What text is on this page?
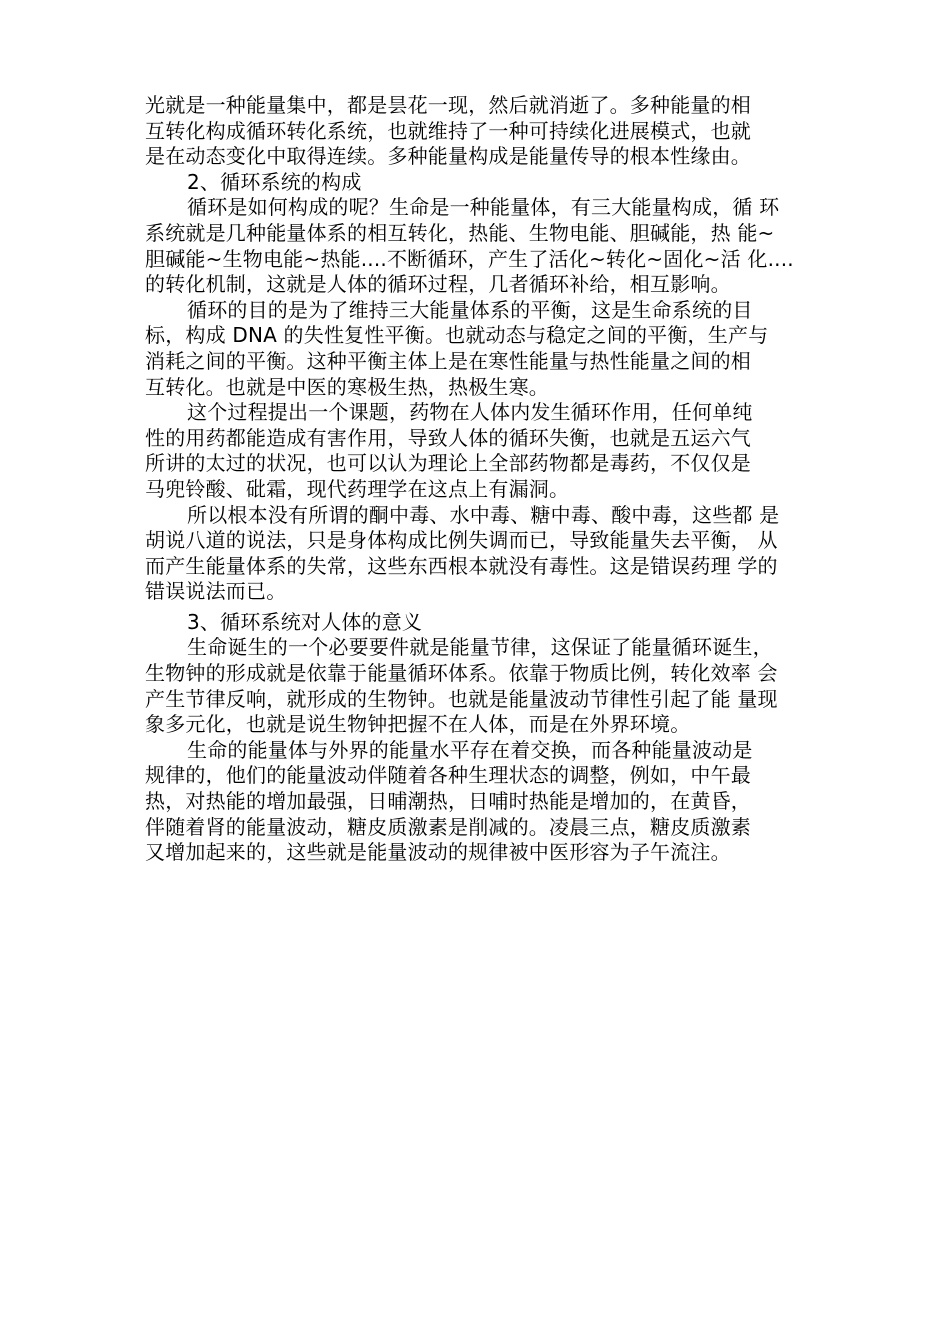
光就是一种能量集中，都是昙花一现，然后就消逝了。多种能量的相
互转化构成循环转化系统，也就维持了一种可持续化进展模式，也就
是在动态变化中取得连续。多种能量构成是能量传导的根本性缘由。
2、循环系统的构成
循环是如何构成的呢？生命是一种能量体，有三大能量构成，循 环
系统就是几种能量体系的相互转化，热能、生物电能、胆碱能，热 能~
胆碱能~生物电能~热能....不断循环，产生了活化~转化~固化~活 化....
的转化机制，这就是人体的循环过程，几者循环补给，相互影响。
循环的目的是为了维持三大能量体系的平衡，这是生命系统的目
标，构成 DNA 的失性复性平衡。也就动态与稳定之间的平衡，生产与
消耗之间的平衡。这种平衡主体上是在寒性能量与热性能量之间的相
互转化。也就是中医的寒极生热，热极生寒。
这个过程提出一个课题，药物在人体内发生循环作用，任何单纯
性的用药都能造成有害作用，导致人体的循环失衡，也就是五运六气
所讲的太过的状况，也可以认为理论上全部药物都是毒药，不仅仅是
马兜铃酸、砒霜，现代药理学在这点上有漏洞。
所以根本没有所谓的酮中毒、水中毒、糖中毒、酸中毒，这些都 是
胡说八道的说法，只是身体构成比例失调而已，导致能量失去平衡， 从
而产生能量体系的失常，这些东西根本就没有毒性。这是错误药理 学的
错误说法而已。
3、循环系统对人体的意义
生命诞生的一个必要要件就是能量节律，这保证了能量循环诞生，
生物钟的形成就是依靠于能量循环体系。依靠于物质比例，转化效率 会
产生节律反响，就形成的生物钟。也就是能量波动节律性引起了能 量现
象多元化，也就是说生物钟把握不在人体，而是在外界环境。
生命的能量体与外界的能量水平存在着交换，而各种能量波动是
规律的，他们的能量波动伴随着各种生理状态的调整，例如，中午最
热，对热能的增加最强，日晡潮热，日哺时热能是增加的，在黄昏，
伴随着肾的能量波动，糖皮质激素是削减的。凌晨三点，糖皮质激素
又增加起来的，这些就是能量波动的规律被中医形容为子午流注。
